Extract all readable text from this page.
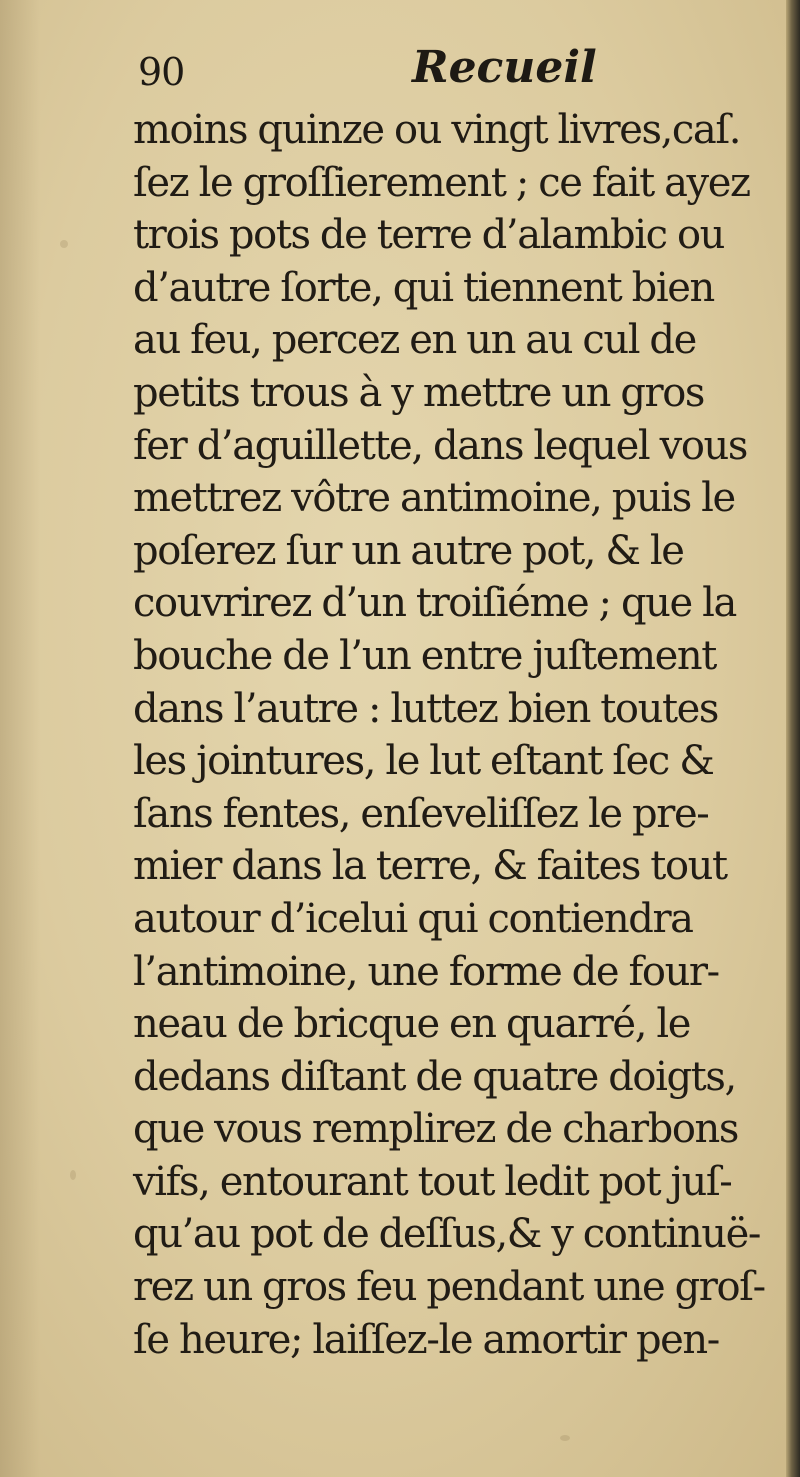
90	Recueil
moins quinze ou vingt livres,caſ.
ſez le groſſierement ; ce fait ayez
trois pots de terre d’alambic ou
d’autre ſorte, qui tiennent bien
au feu, percez en un au cul de
petits trous à y mettre un gros
fer d’aguillette, dans lequel vous
mettrez vôtre antimoine, puis le
poſerez ſur un autre pot, & le
couvrirez d’un troiſiéme ; que la
bouche de l’un entre juſtement
dans l’autre : luttez bien toutes
les jointures, le lut eſtant ſec &
ſans fentes, enſeveliſſez le pre-
mier dans la terre, & faites tout
autour d’icelui qui contiendra
l’antimoine, une forme de four-
neau de bricque en quarré, le
dedans diſtant de quatre doigts,
que vous remplirez de charbons
vifs, entourant tout ledit pot juſ-
qu’au pot de deſſus,& y continuë-
rez un gros feu pendant une groſ-
ſe heure; laiſſez-le amortir pen-
